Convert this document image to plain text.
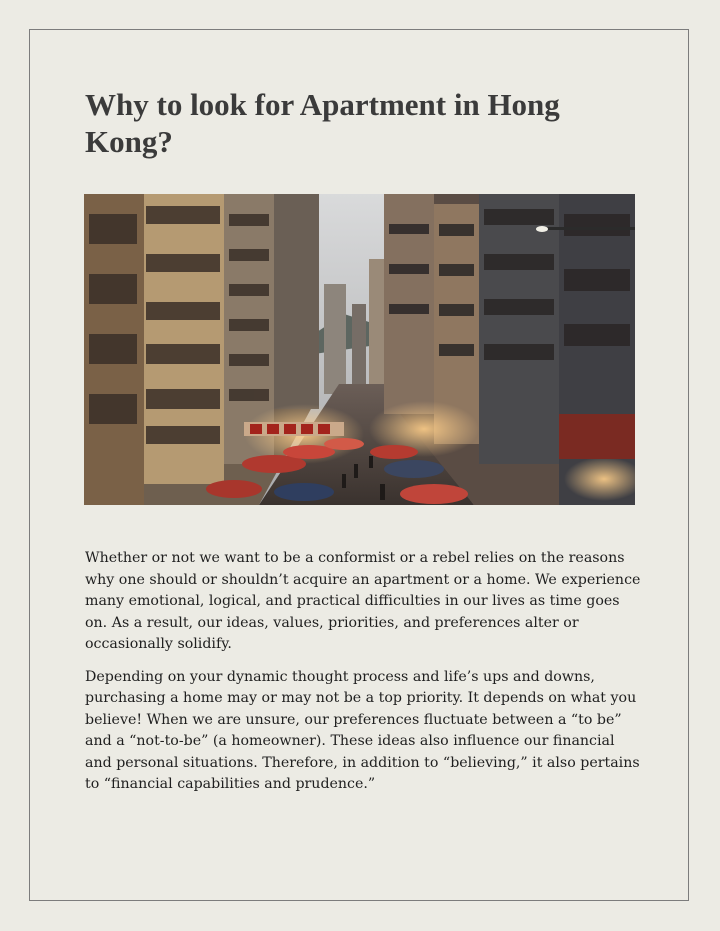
Why to look for Apartment in Hong Kong?

Whether or not we want to be a conformist or a rebel relies on the reasons why one should or shouldn’t acquire an apartment or a home. We experience many emotional, logical, and practical difficulties in our lives as time goes on. As a result, our ideas, values, priorities, and preferences alter or occasionally solidify.

Depending on your dynamic thought process and life’s ups and downs, purchasing a home may or may not be a top priority. It depends on what you believe! When we are unsure, our preferences fluctuate between a “to be” and a “not-to-be” (a homeowner). These ideas also influence our financial and personal situations. Therefore, in addition to “believing,” it also pertains to “financial capabilities and prudence.”
